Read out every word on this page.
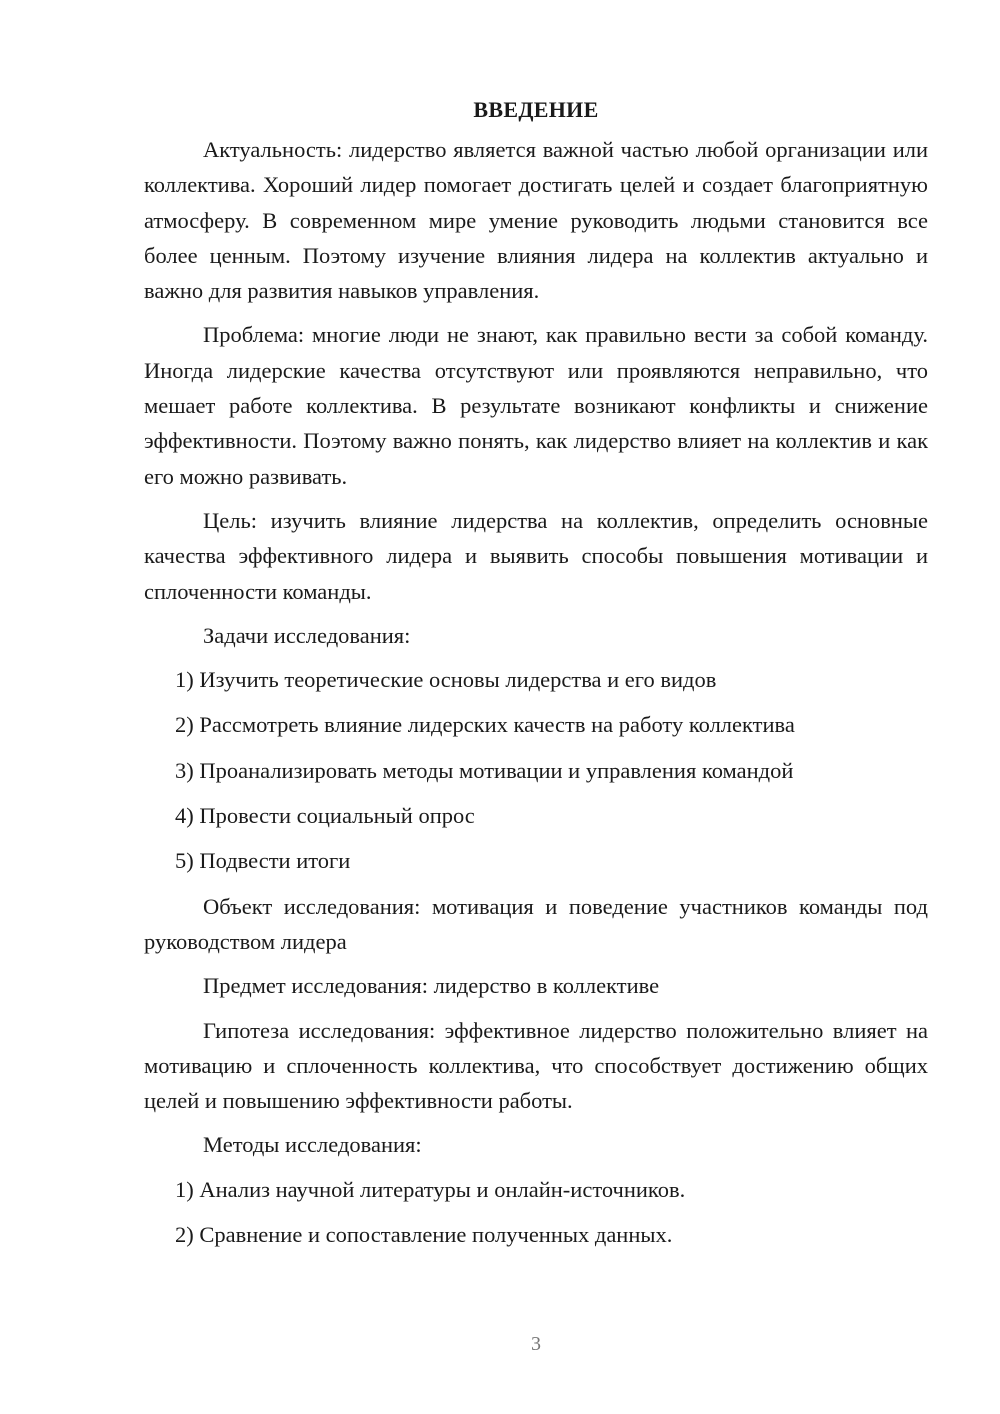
ВВЕДЕНИЕ

Актуальность: лидерство является важной частью любой организации или коллектива. Хороший лидер помогает достигать целей и создает благоприятную атмосферу. В современном мире умение руководить людьми становится все более ценным. Поэтому изучение влияния лидера на коллектив актуально и важно для развития навыков управления.

Проблема: многие люди не знают, как правильно вести за собой команду. Иногда лидерские качества отсутствуют или проявляются неправильно, что мешает работе коллектива. В результате возникают конфликты и снижение эффективности. Поэтому важно понять, как лидерство влияет на коллектив и как его можно развивать.

Цель: изучить влияние лидерства на коллектив, определить основные качества эффективного лидера и выявить способы повышения мотивации и сплоченности команды.

Задачи исследования:

1) Изучить теоретические основы лидерства и его видов
2) Рассмотреть влияние лидерских качеств на работу коллектива
3) Проанализировать методы мотивации и управления командой
4) Провести социальный опрос
5) Подвести итоги

Объект исследования: мотивация и поведение участников команды под руководством лидера

Предмет исследования: лидерство в коллективе

Гипотеза исследования: эффективное лидерство положительно влияет на мотивацию и сплоченность коллектива, что способствует достижению общих целей и повышению эффективности работы.

Методы исследования:

1) Анализ научной литературы и онлайн-источников.
2) Сравнение и сопоставление полученных данных.
3
